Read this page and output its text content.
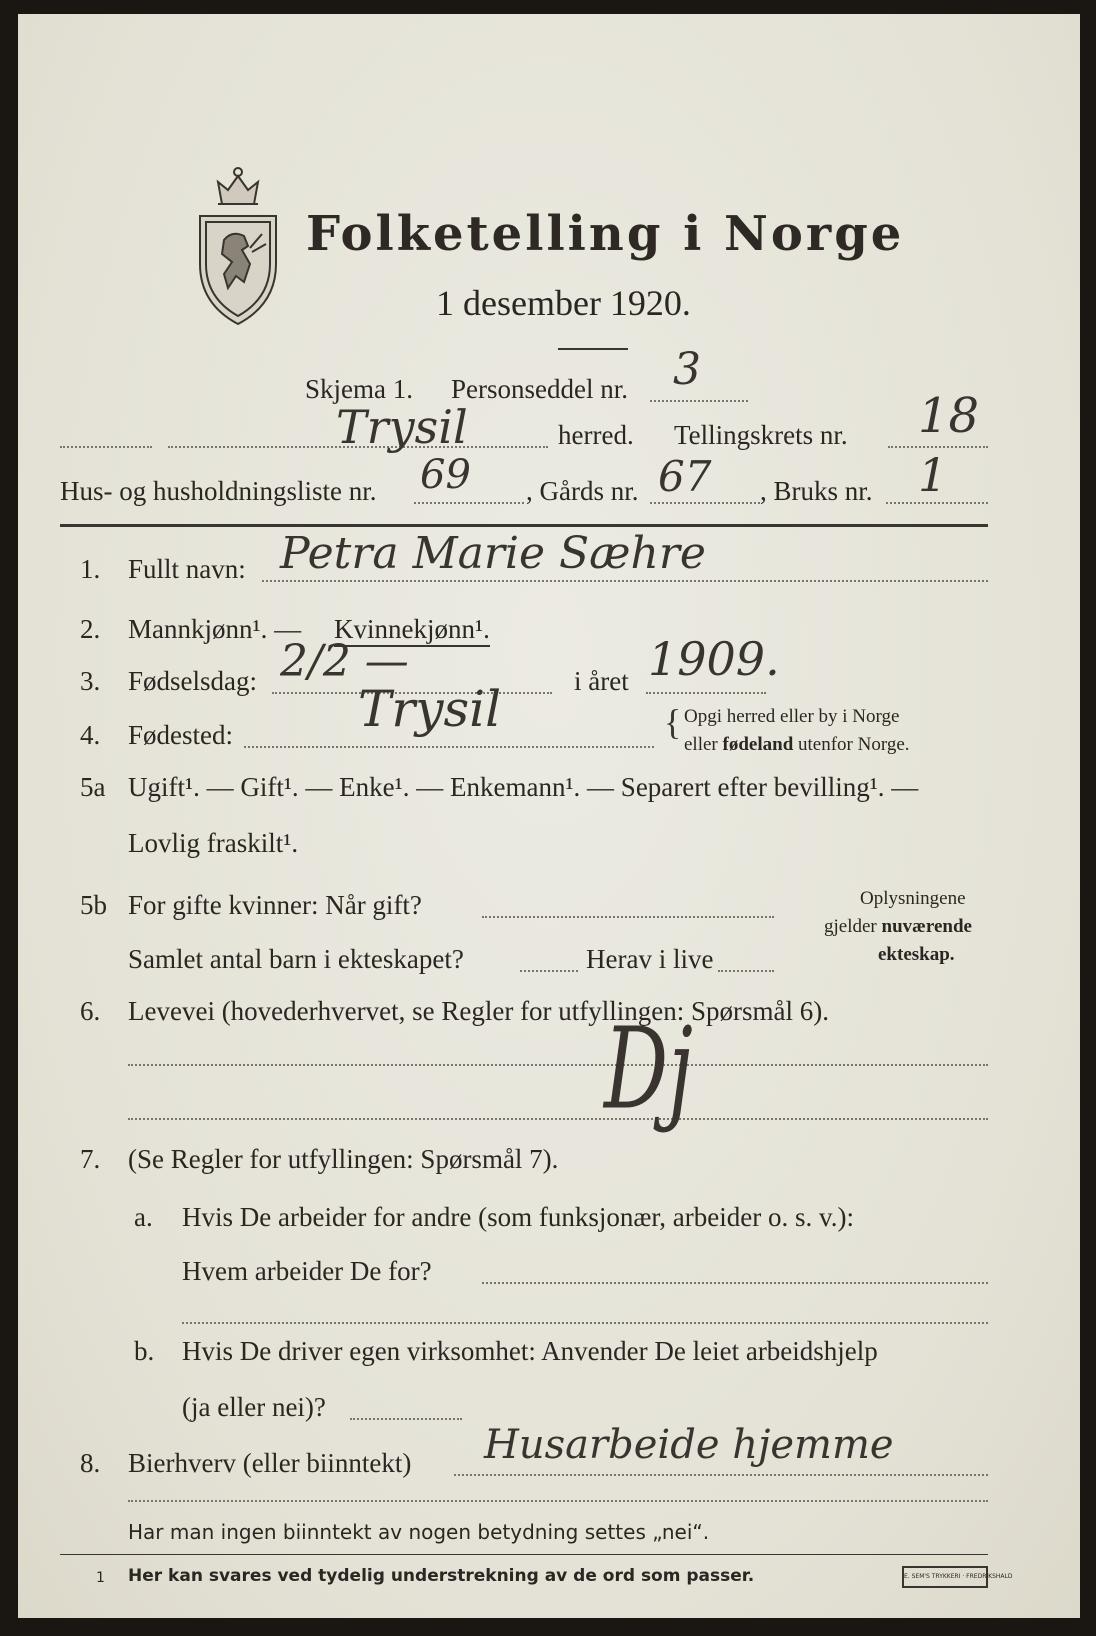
Folketelling i Norge
1 desember 1920.
Skjema 1. Personseddel nr. 3
Trysil	herred. Tellingskrets nr. 18
Hus- og husholdningsliste nr. 69 , Gårds nr. 67 , Bruks nr. 1
1. Fullt navn: Petra Marie Sæhre
2. Mannkjønn¹. — Kvinnekjønn¹.
3. Fødselsdag: 2/2 —	i året 1909.
4. Fødested:	Trysil	{ Opgi herred eller by i Norge
eller fødeland utenfor Norge.
5a Ugift¹. — Gift¹. — Enke¹. — Enkemann¹. — Separert efter bevilling¹. —
Lovlig fraskilt¹.
5b For gifte kvinner: Når gift?
Samlet antal barn i ekteskapet?	Herav i live
Oplysningene
gjelder nuværende
ekteskap.
6. Levevei (hovederhvervet, se Regler for utfyllingen: Spørsmål 6).
Dj
7. (Se Regler for utfyllingen: Spørsmål 7).
a. Hvis De arbeider for andre (som funksjonær, arbeider o. s. v.):
Hvem arbeider De for?
b. Hvis De driver egen virksomhet: Anvender De leiet arbeidshjelp
(ja eller nei)?
8. Bierhverv (eller biinntekt) Husarbeide hjemme
Har man ingen biinntekt av nogen betydning settes „nei“.
1 Her kan svares ved tydelig understrekning av de ord som passer.	E. SEM'S TRYKKERI · FREDRIKSHALD
